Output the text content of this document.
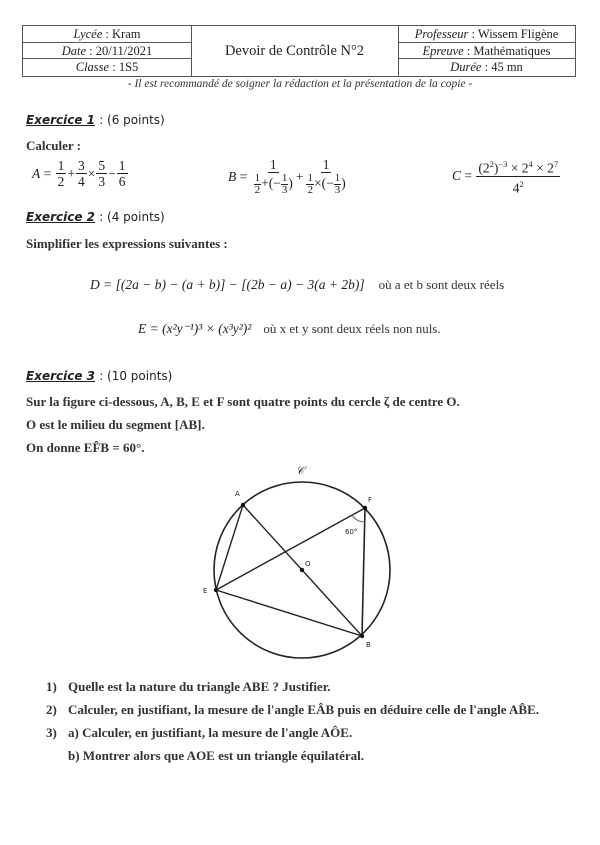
Lycée : Kram
Date : 20/11/2021
Classe : 1S5
Devoir de Contrôle N°2
Professeur : Wissem Fligène
Epreuve : Mathématiques
Durée : 45 mn
- Il est recommandé de soigner la rédaction et la présentation de la copie -
Exercice 1 : (6 points)
Calculer :
$A = \frac{1}{2} + \frac{3}{4} \times \frac{5}{3} - \frac{1}{6}$	$B = \frac{1}{\frac{1}{2} +(- \frac{1}{3} )} + \frac{1}{\frac{1}{2} \times(- \frac{1}{3} )}$	$C = \frac{(2^2)^{-3} \times 2^4 \times 2^7}{4^2}$
Exercice 2 : (4 points)
Simplifier les expressions suivantes :
D = [(2a − b) − (a + b)] − [(2b − a) − 3(a + 2b)] où a et b sont deux réels
E = (x²y⁻¹)³ × (x³y²)² où x et y sont deux réels non nuls.
Exercice 3 : (10 points)
Sur la figure ci-dessous, A, B, E et F sont quatre points du cercle ζ de centre O.
O est le milieu du segment [AB].
On donne EF̂B = 60°.
𝒞
A
E
F
B
O
60°
1) Quelle est la nature du triangle ABE ? Justifier.
2) Calculer, en justifiant, la mesure de l'angle EÂB puis en déduire celle de l'angle AB̂E.
3) a) Calculer, en justifiant, la mesure de l'angle AÔE.
b) Montrer alors que AOE est un triangle équilatéral.
